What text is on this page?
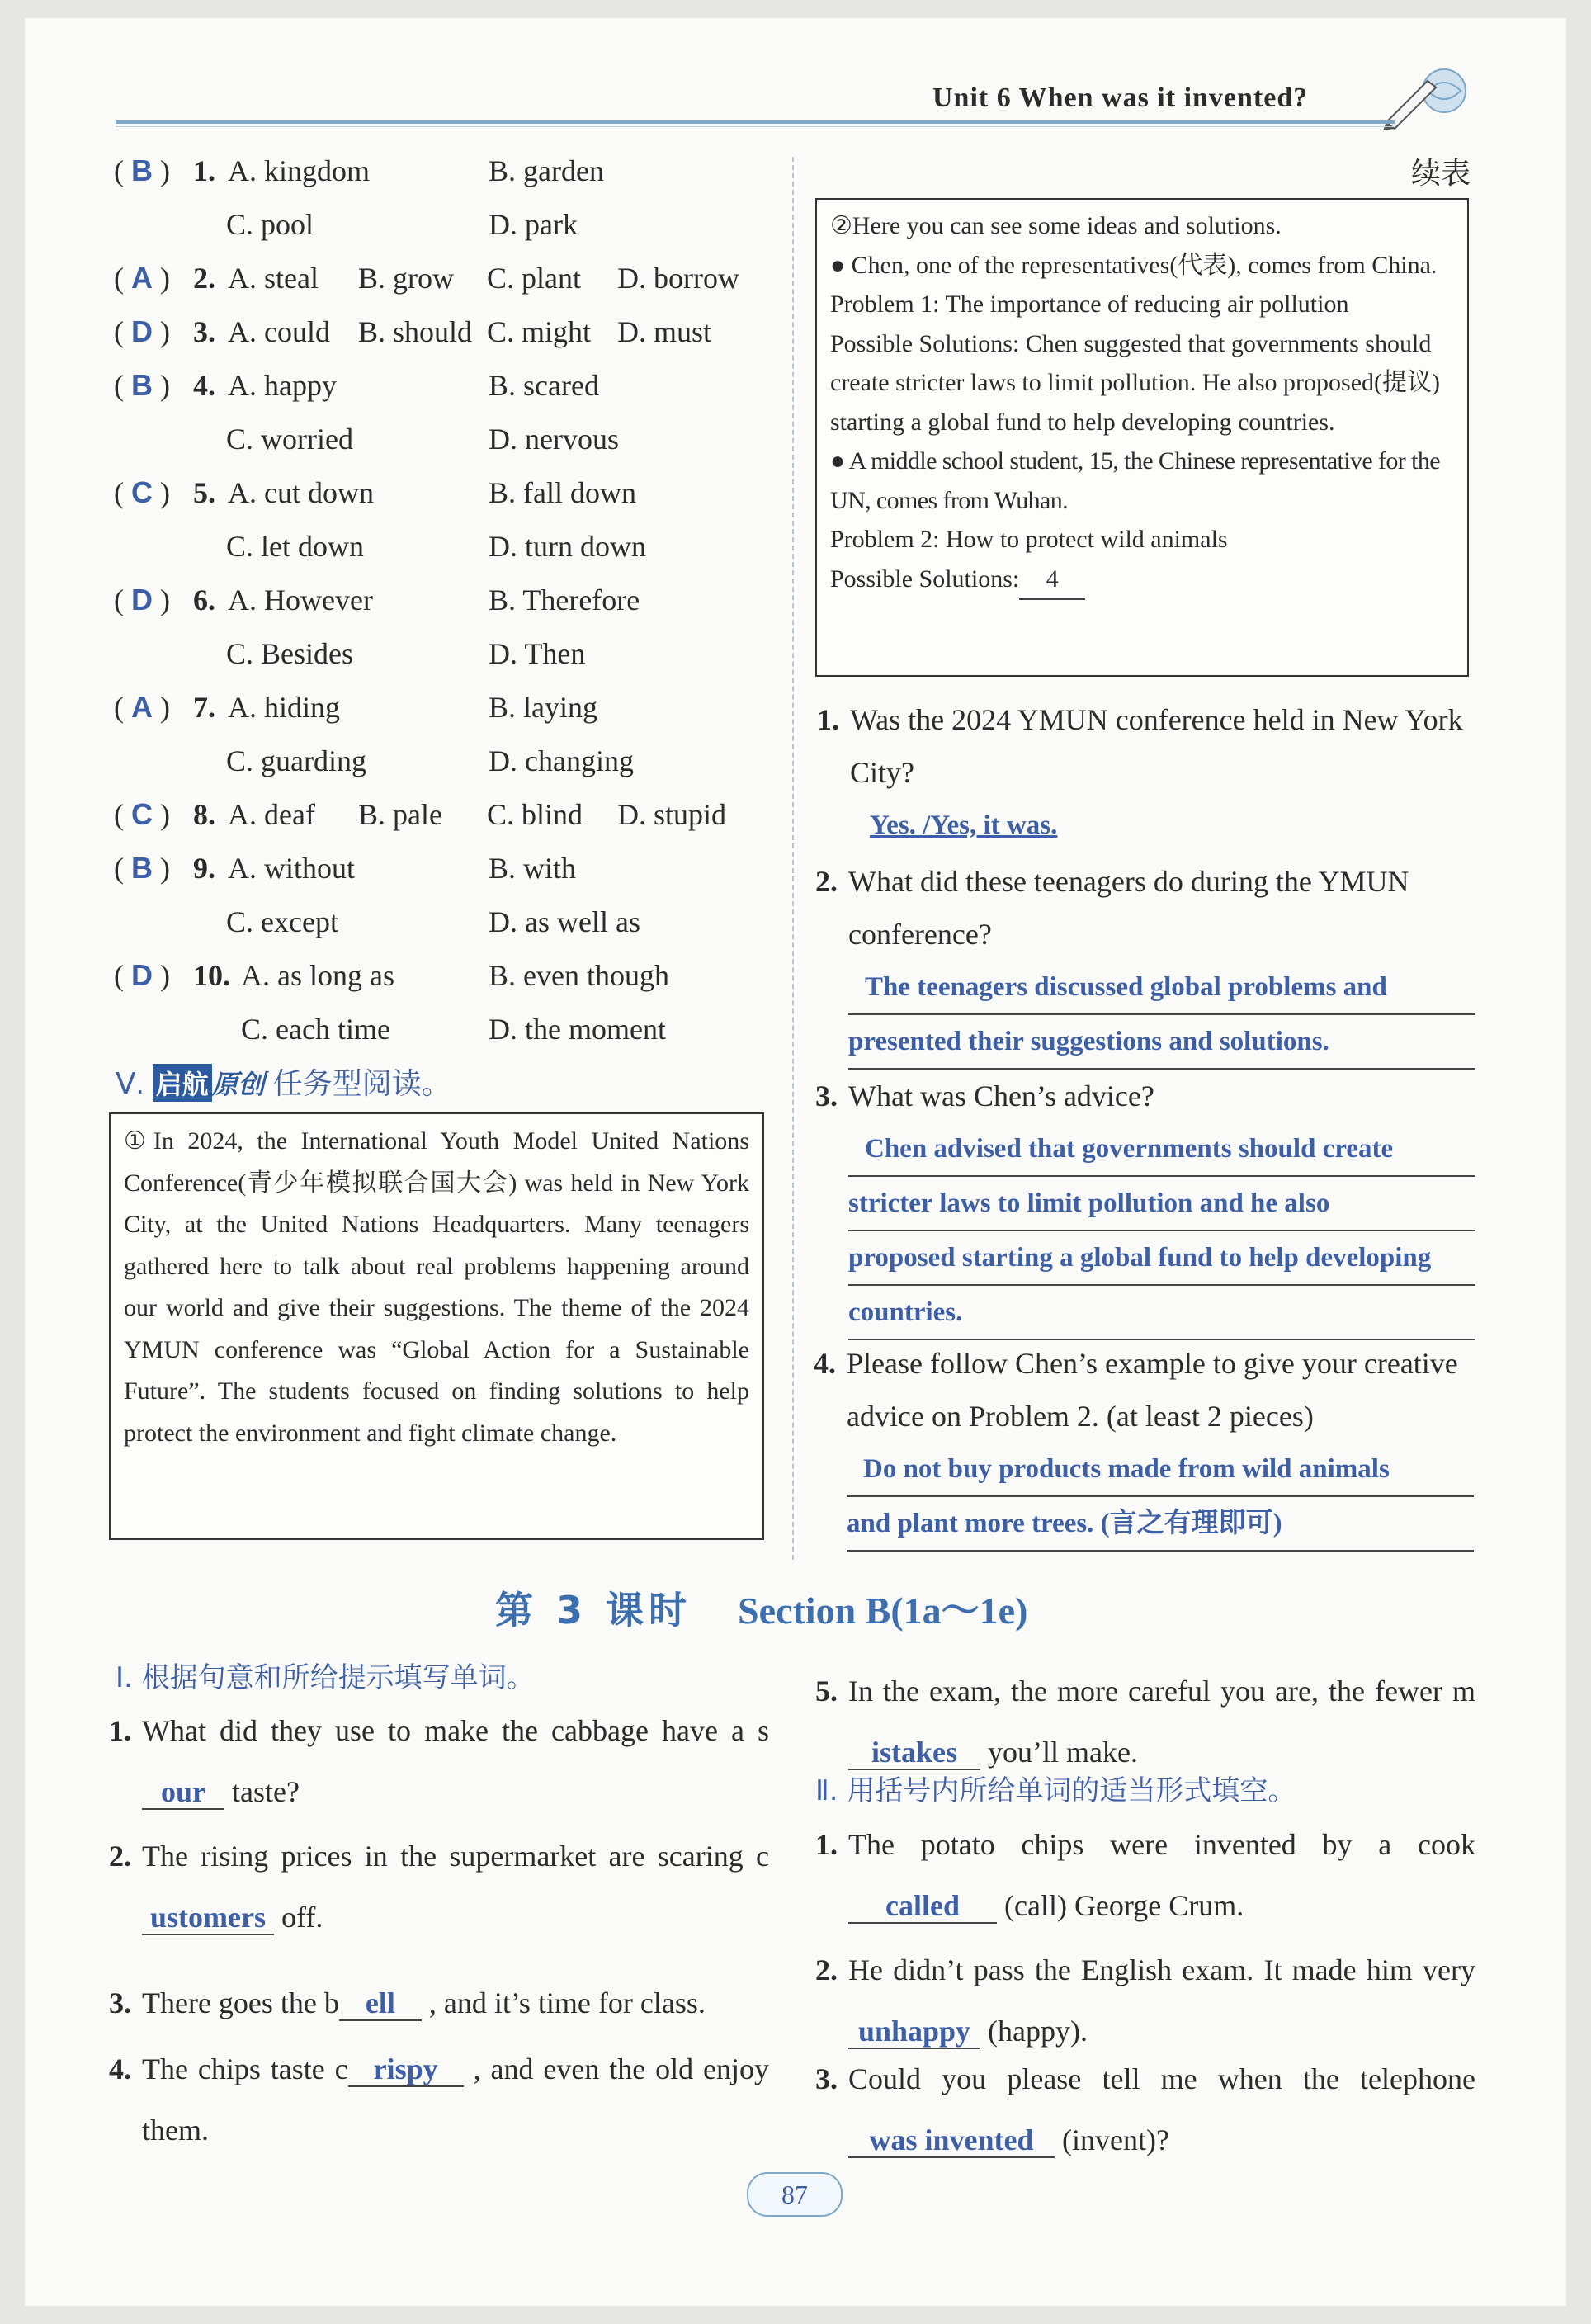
Unit 6 When was it invented?
续表
( B ) 1. A. kingdom	B. garden
C. pool	D. park
( A ) 2. A. steal B. grow C. plant D. borrow
( D ) 3. A. could B. should C. might D. must
( B ) 4. A. happy	B. scared
C. worried	D. nervous
( C ) 5. A. cut down	B. fall down
C. let down	D. turn down
( D ) 6. A. However	B. Therefore
C. Besides	D. Then
( A ) 7. A. hiding	B. laying
C. guarding	D. changing
( C ) 8. A. deaf B. pale C. blind D. stupid
( B ) 9. A. without	B. with
C. except	D. as well as
( D ) 10. A. as long as	B. even though
C. each time	D. the moment
Ⅴ. 启航 原创 任务型阅读。

①In 2024, the International Youth Model United Nations Conference(青少年模拟联合国大会) was held in New York City, at the United Nations Headquarters. Many teenagers gathered here to talk about real problems happening around our world and give their suggestions. The theme of the 2024 YMUN conference was “Global Action for a Sustainable Future”. The students focused on finding solutions to help protect the environment and fight climate change.

②Here you can see some ideas and solutions.

● Chen, one of the representatives(代表), comes from China.

Problem 1: The importance of reducing air pollution

Possible Solutions: Chen suggested that governments should create stricter laws to limit pollution. He also proposed(提议) starting a global fund to help developing countries.

● A middle school student, 15, the Chinese representative for the UN, comes from Wuhan.

Problem 2: How to protect wild animals

Possible Solutions: 4

1. Was the 2024 YMUN conference held in New York City?
Yes. /Yes, it was.
2. What did these teenagers do during the YMUN conference?
The teenagers discussed global problems and
presented their suggestions and solutions.
3. What was Chen’s advice?
Chen advised that governments should create
stricter laws to limit pollution and he also
proposed starting a global fund to help developing
countries.
4. Please follow Chen’s example to give your creative advice on Problem 2. (at least 2 pieces)
Do not buy products made from wild animals
and plant more trees. (言之有理即可)
第 3 课时 Section B(1a～1e)
Ⅰ. 根据句意和所给提示填写单词。
1. What did they use to make the cabbage have a sour taste?
2. The rising prices in the supermarket are scaring customers off.
3. There goes the b ell , and it’s time for class.
4. The chips taste c rispy , and even the old enjoy them.
5. In the exam, the more careful you are, the fewer mistakes you’ll make.
Ⅱ. 用括号内所给单词的适当形式填空。
1. The potato chips were invented by a cookcalled (call) George Crum.
2. He didn’t pass the English exam. It made him veryunhappy (happy).
3. Could you please tell me when the telephonewas invented (invent)?
87
